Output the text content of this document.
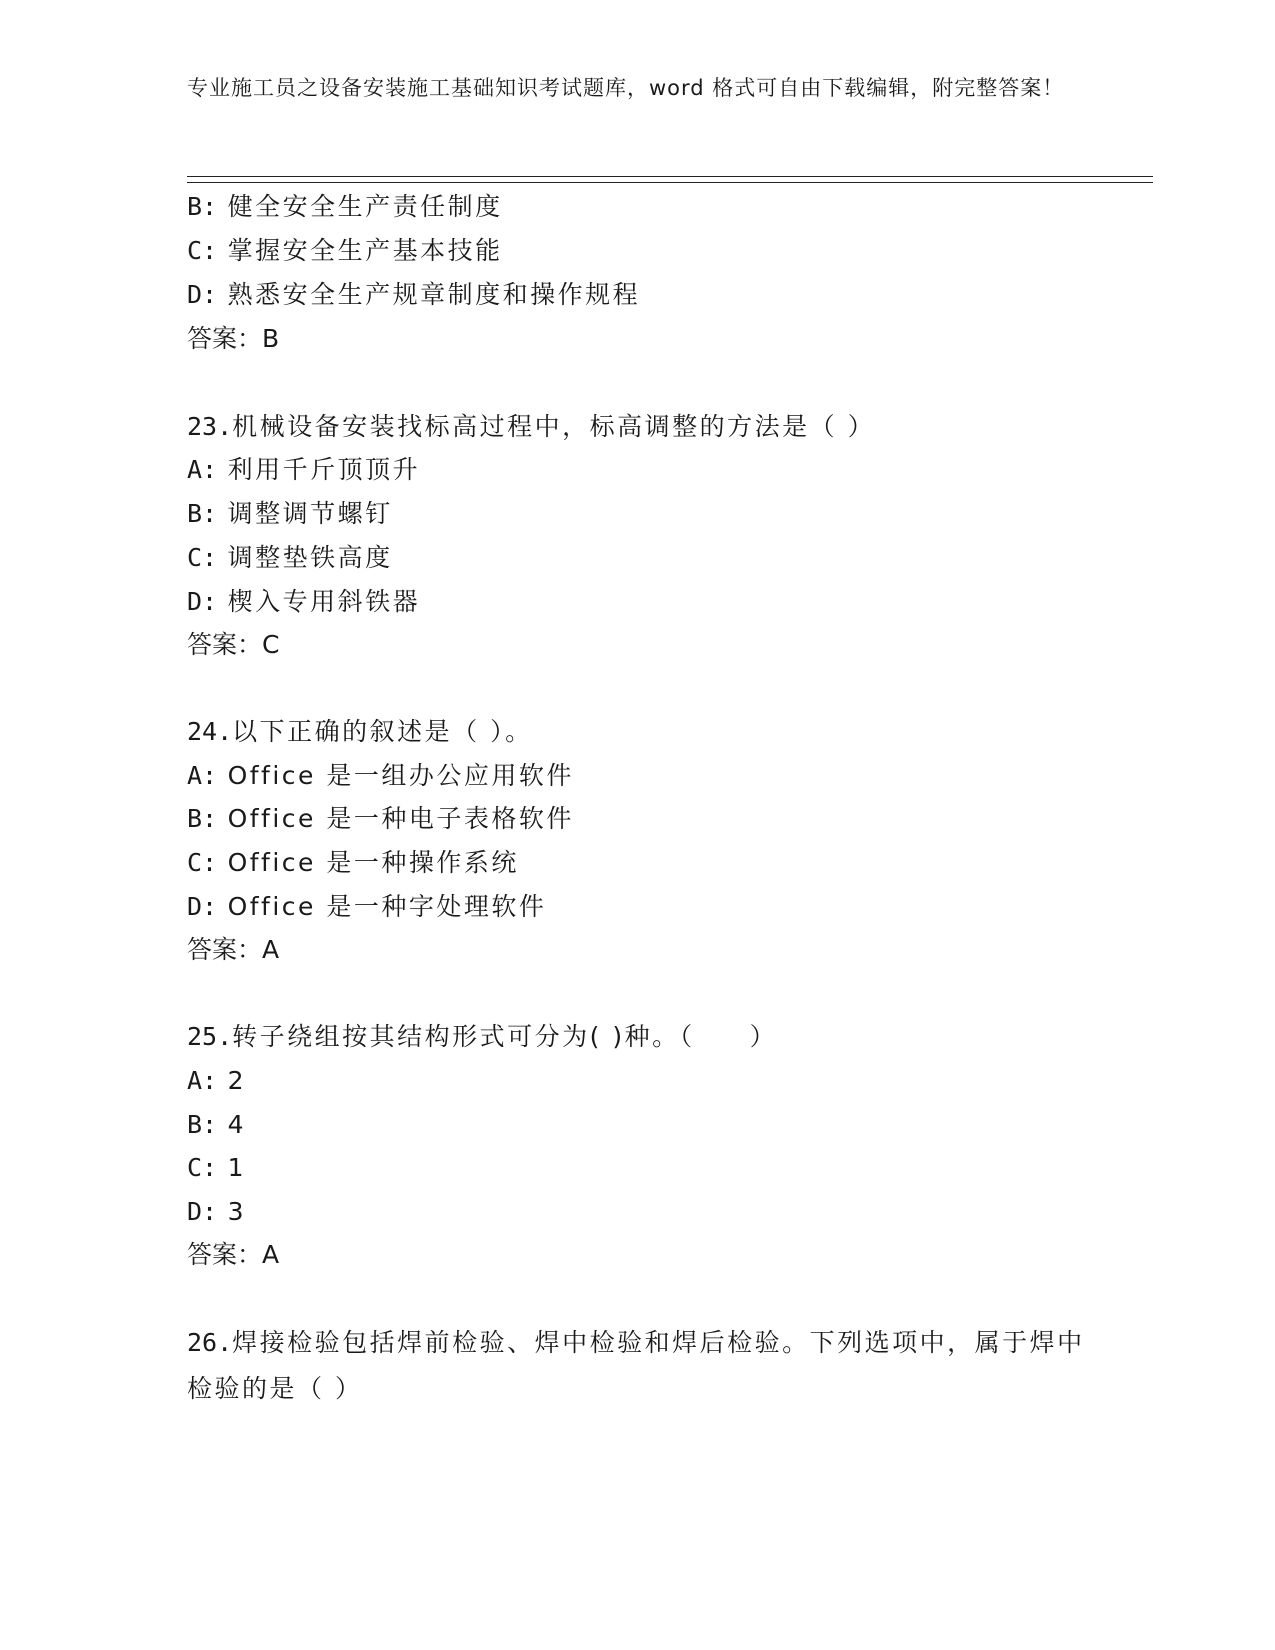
专业施工员之设备安装施工基础知识考试题库，word 格式可自由下载编辑，附完整答案！
B: 健全安全生产责任制度
C: 掌握安全生产基本技能
D: 熟悉安全生产规章制度和操作规程
答案：B
23.机械设备安装找标高过程中，标高调整的方法是（ ）
A: 利用千斤顶顶升
B: 调整调节螺钉
C: 调整垫铁高度
D: 楔入专用斜铁器
答案：C
24.以下正确的叙述是（ ）。
A: Office 是一组办公应用软件
B: Office 是一种电子表格软件
C: Office 是一种操作系统
D: Office 是一种字处理软件
答案：A
25.转子绕组按其结构形式可分为( )种。（　　）
A: 2
B: 4
C: 1
D: 3
答案：A
26.焊接检验包括焊前检验、焊中检验和焊后检验。下列选项中，属于焊中检验的是（ ）
